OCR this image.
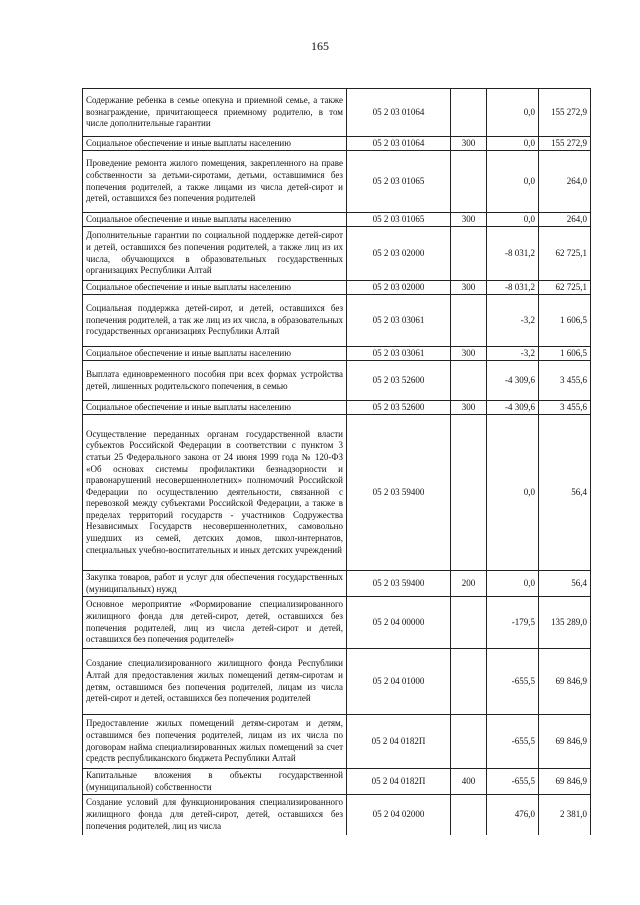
165
Содержание ребенка в семье опекуна и приемной семье, а также вознаграждение, причитающееся приемному родителю, в том числе дополнительные гарантии	05 2 03 01064		0,0	155 272,9
Социальное обеспечение и иные выплаты населению	05 2 03 01064	300	0,0	155 272,9
Проведение ремонта жилого помещения, закрепленного на праве собственности за детьми-сиротами, детьми, оставшимися без попечения родителей, а также лицами из числа детей-сирот и детей, оставшихся без попечения родителей	05 2 03 01065		0,0	264,0
Социальное обеспечение и иные выплаты населению	05 2 03 01065	300	0,0	264,0
Дополнительные гарантии по социальной поддержке детей-сирот и детей, оставшихся без попечения родителей, а также лиц из их числа, обучающихся в образовательных государственных организациях Республики Алтай	05 2 03 02000		-8 031,2	62 725,1
Социальное обеспечение и иные выплаты населению	05 2 03 02000	300	-8 031,2	62 725,1
Социальная поддержка детей-сирот, и детей, оставшихся без попечения родителей, а так же лиц из их числа, в образовательных государственных организациях Республики Алтай	05 2 03 03061		-3,2	1 606,5
Социальное обеспечение и иные выплаты населению	05 2 03 03061	300	-3,2	1 606,5
Выплата единовременного пособия при всех формах устройства детей, лишенных родительского попечения, в семью	05 2 03 52600		-4 309,6	3 455,6
Социальное обеспечение и иные выплаты населению	05 2 03 52600	300	-4 309,6	3 455,6
Осуществление переданных органам государственной власти субъектов Российской Федерации в соответствии с пунктом 3 статьи 25 Федерального закона от 24 июня 1999 года № 120-ФЗ «Об основах системы профилактики безнадзорности и правонарушений несовершеннолетних» полномочий Российской Федерации по осуществлению деятельности, связанной с перевозкой между субъектами Российской Федерации, а также в пределах территорий государств - участников Содружества Независимых Государств несовершеннолетних, самовольно ушедших из семей, детских домов, школ-интернатов, специальных учебно-воспитательных и иных детских учреждений	05 2 03 59400		0,0	56,4
Закупка товаров, работ и услуг для обеспечения государственных (муниципальных) нужд	05 2 03 59400	200	0,0	56,4
Основное мероприятие «Формирование специализированного жилищного фонда для детей-сирот, детей, оставшихся без попечения родителей, лиц из числа детей-сирот и детей, оставшихся без попечения родителей»	05 2 04 00000		-179,5	135 289,0
Создание специализированного жилищного фонда Республики Алтай для предоставления жилых помещений детям-сиротам и детям, оставшимся без попечения родителей, лицам из числа детей-сирот и детей, оставшихся без попечения родителей	05 2 04 01000		-655,5	69 846,9
Предоставление жилых помещений детям-сиротам и детям, оставшимся без попечения родителей, лицам из их числа по договорам найма специализированных жилых помещений за счет средств республиканского бюджета Республики Алтай	05 2 04 0182П		-655,5	69 846,9
Капитальные вложения в объекты государственной (муниципальной) собственности	05 2 04 0182П	400	-655,5	69 846,9
Создание условий для функционирования специализированного жилищного фонда для детей-сирот, детей, оставшихся без попечения родителей, лиц из числа	05 2 04 02000		476,0	2 381,0
